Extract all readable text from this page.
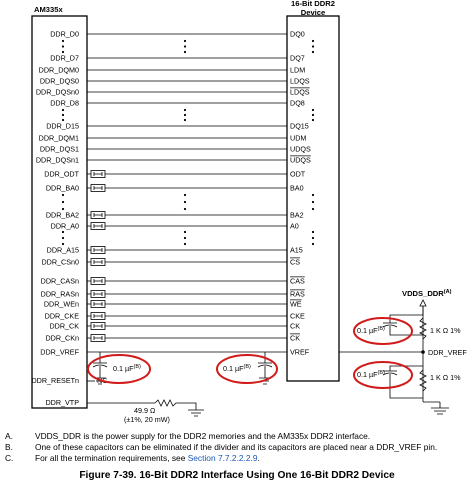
AM335x
16-Bit DDR2
Device
DDR_D0	DQ0
DDR_D7	DQ7
DDR_DQM0	LDM
DDR_DQS0	LDQS
DDR_DQSn0	LDQS
DDR_D8	DQ8
DDR_D15	DQ15
DDR_DQM1	UDM
DDR_DQS1	UDQS
DDR_DQSn1	UDQS
DDR_ODT	ODT
DDR_BA0	BA0
DDR_BA2	BA2
DDR_A0	A0
DDR_A15	A15
DDR_CSn0	CS
DDR_CASn	CAS
DDR_RASn	RAS
DDR_WEn	WE
DDR_CKE	CKE
DDR_CK	CK
DDR_CKn	CK
DDR_VREF	VREF
DDR_RESETn	NC
DDR_VTP
49.9 Ω
(±1%, 20 mW)
0.1 µF$^{(B)}$	0.1 µF$^{(B)}$
$VDDS\_DDR^{(A)}$
1 K Ω 1%
0.1 µF$^{(B)}$
1 K Ω 1%
0.1 µF$^{(B)}$
DDR_VREF
A.	VDDS_DDR is the power supply for the DDR2 memories and the AM335x DDR2 interface.
B.	One of these capacitors can be eliminated if the divider and its capacitors are placed near a DDR_VREF pin.
C.	For all the termination requirements, see Section 7.7.2.2.2.9.
Figure 7-39. 16-Bit DDR2 Interface Using One 16-Bit DDR2 Device
